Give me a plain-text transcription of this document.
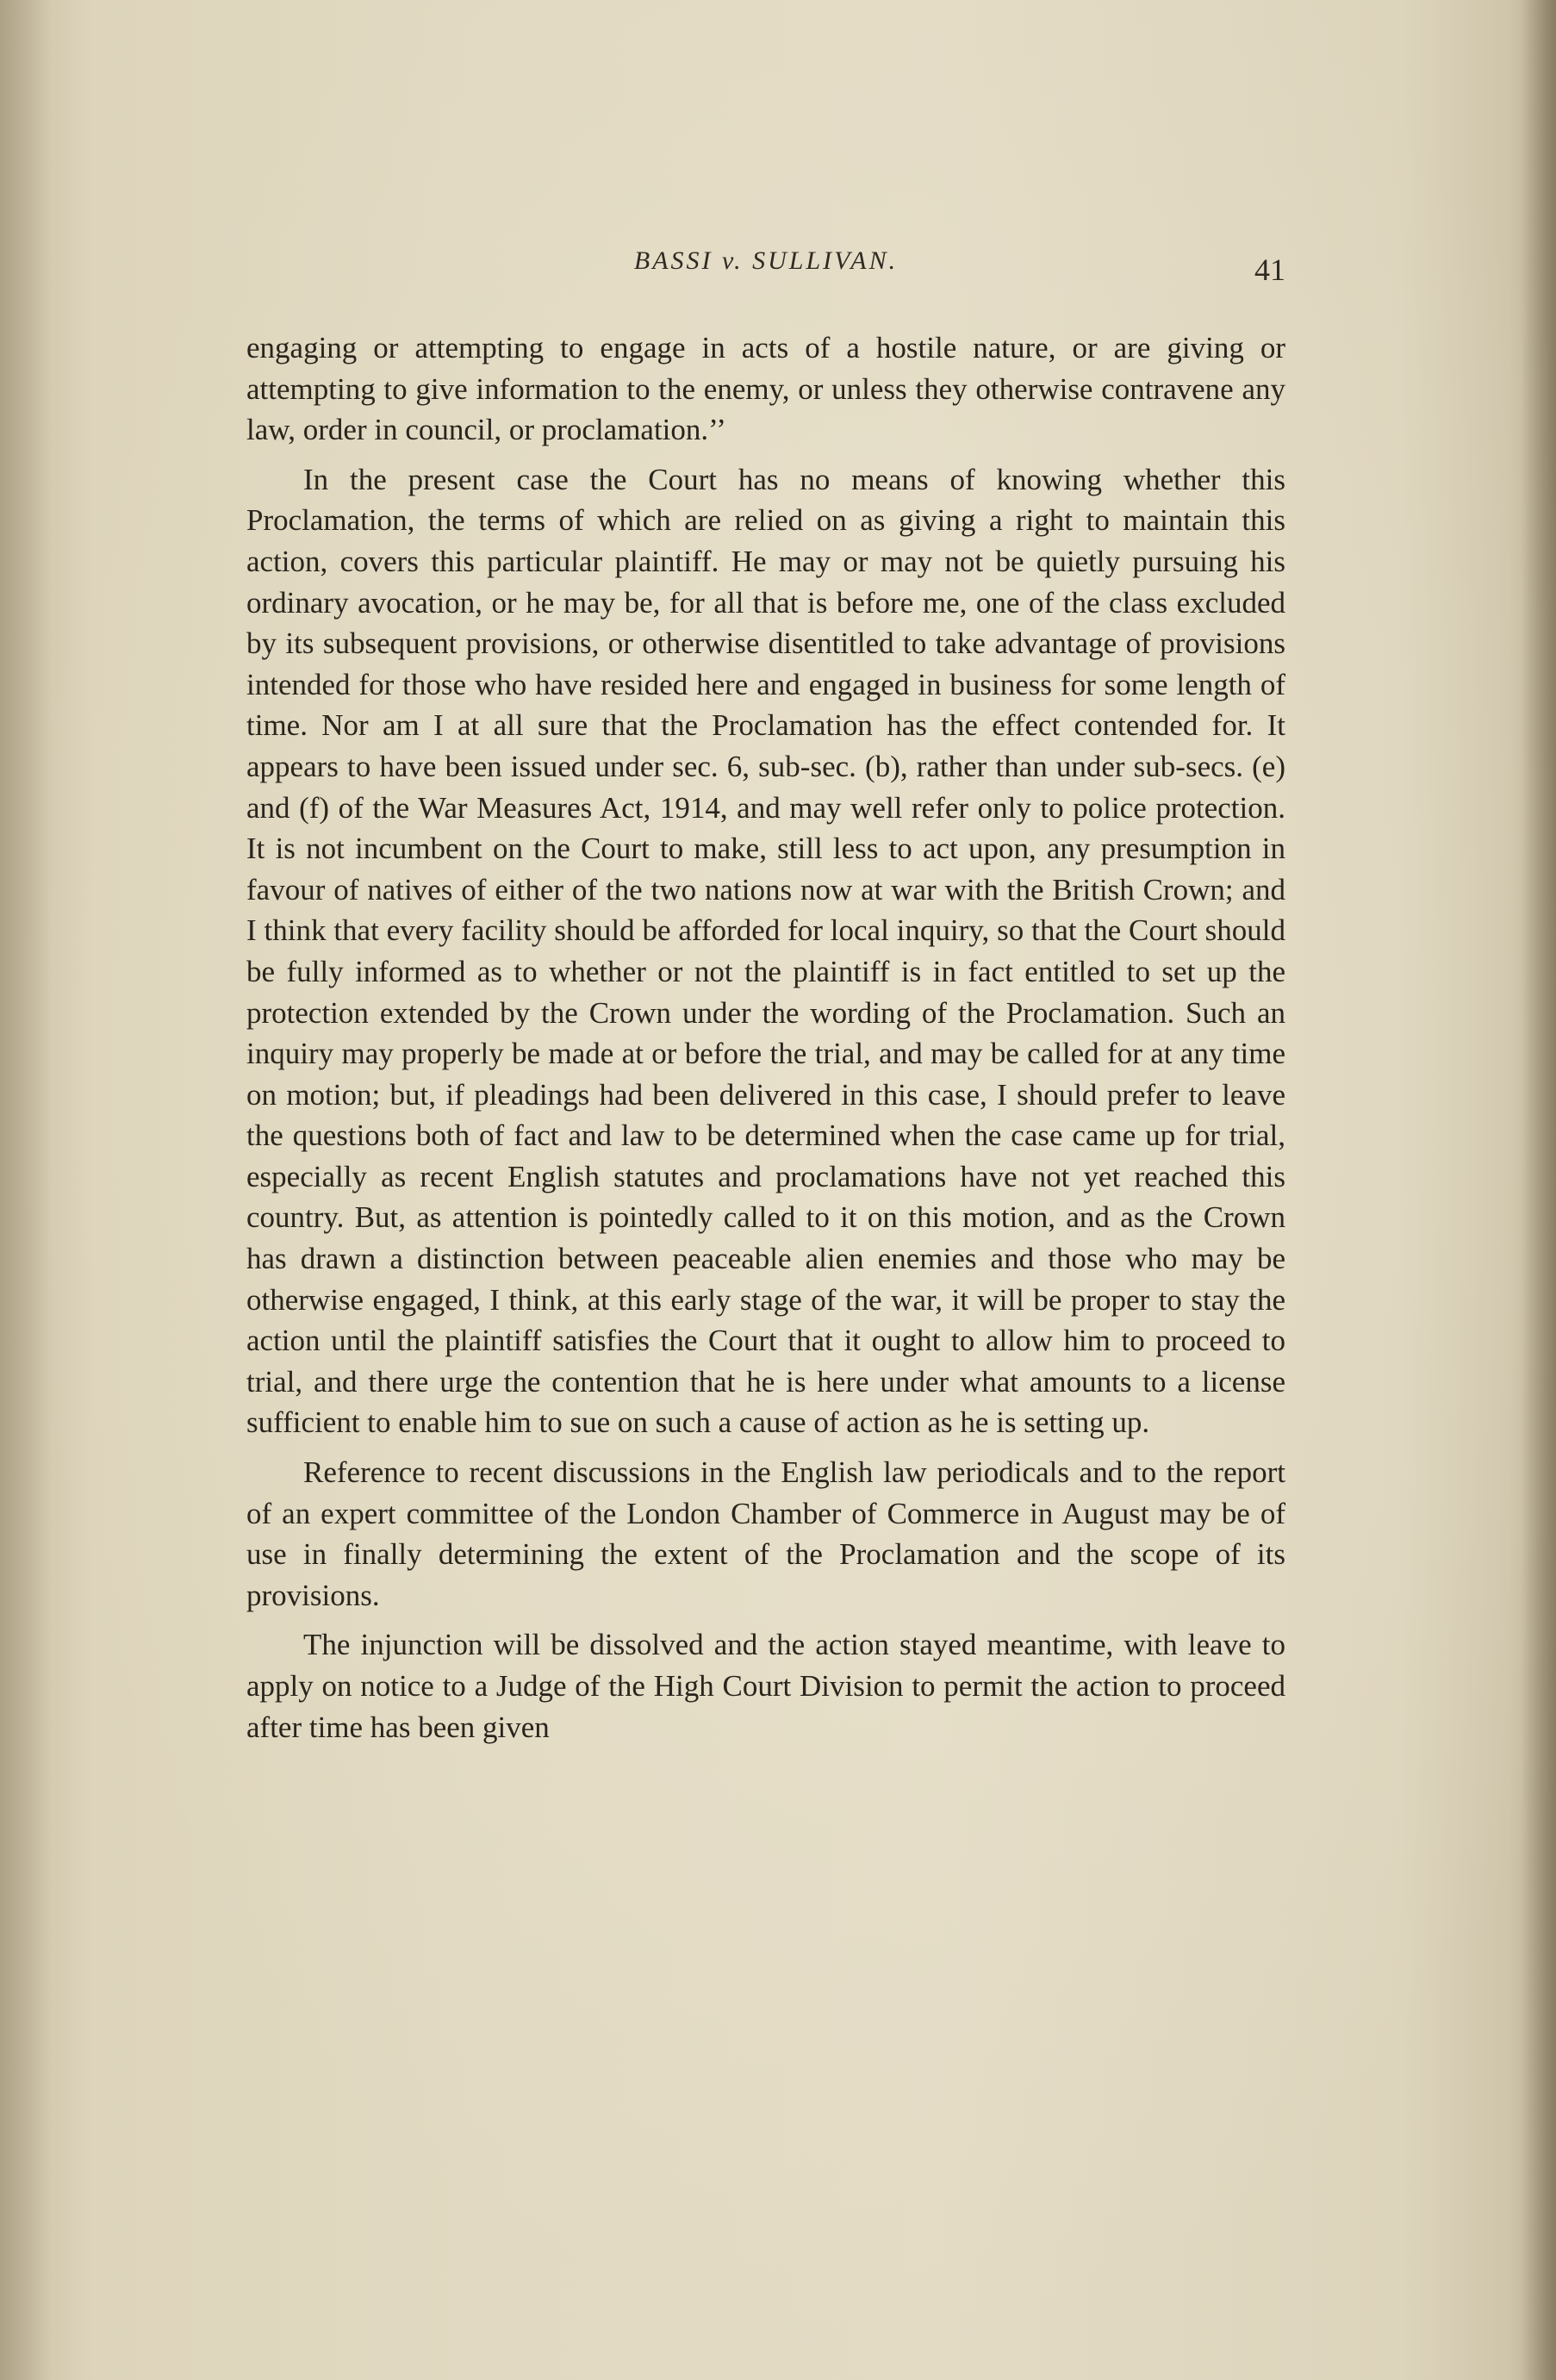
BASSI v. SULLIVAN.	41

engaging or attempting to engage in acts of a hostile nature, or are giving or attempting to give information to the enemy, or unless they otherwise contravene any law, order in council, or proclamation.’’

In the present case the Court has no means of knowing whether this Proclamation, the terms of which are relied on as giving a right to maintain this action, covers this particular plaintiff. He may or may not be quietly pursuing his ordinary avocation, or he may be, for all that is before me, one of the class excluded by its subsequent provisions, or otherwise disentitled to take advantage of provisions intended for those who have resided here and engaged in business for some length of time. Nor am I at all sure that the Proclamation has the effect contended for. It appears to have been issued under sec. 6, sub-sec. (b), rather than under sub-secs. (e) and (f) of the War Measures Act, 1914, and may well refer only to police protection. It is not incumbent on the Court to make, still less to act upon, any presumption in favour of natives of either of the two nations now at war with the British Crown; and I think that every facility should be afforded for local inquiry, so that the Court should be fully informed as to whether or not the plaintiff is in fact entitled to set up the protection extended by the Crown under the wording of the Proclamation. Such an inquiry may properly be made at or before the trial, and may be called for at any time on motion; but, if pleadings had been delivered in this case, I should prefer to leave the questions both of fact and law to be determined when the case came up for trial, especially as recent English statutes and proclamations have not yet reached this country. But, as attention is pointedly called to it on this motion, and as the Crown has drawn a distinction between peaceable alien enemies and those who may be otherwise engaged, I think, at this early stage of the war, it will be proper to stay the action until the plaintiff satisfies the Court that it ought to allow him to proceed to trial, and there urge the contention that he is here under what amounts to a license sufficient to enable him to sue on such a cause of action as he is setting up.

Reference to recent discussions in the English law periodicals and to the report of an expert committee of the London Chamber of Commerce in August may be of use in finally determining the extent of the Proclamation and the scope of its provisions.

The injunction will be dissolved and the action stayed meantime, with leave to apply on notice to a Judge of the High Court Division to permit the action to proceed after time has been given
